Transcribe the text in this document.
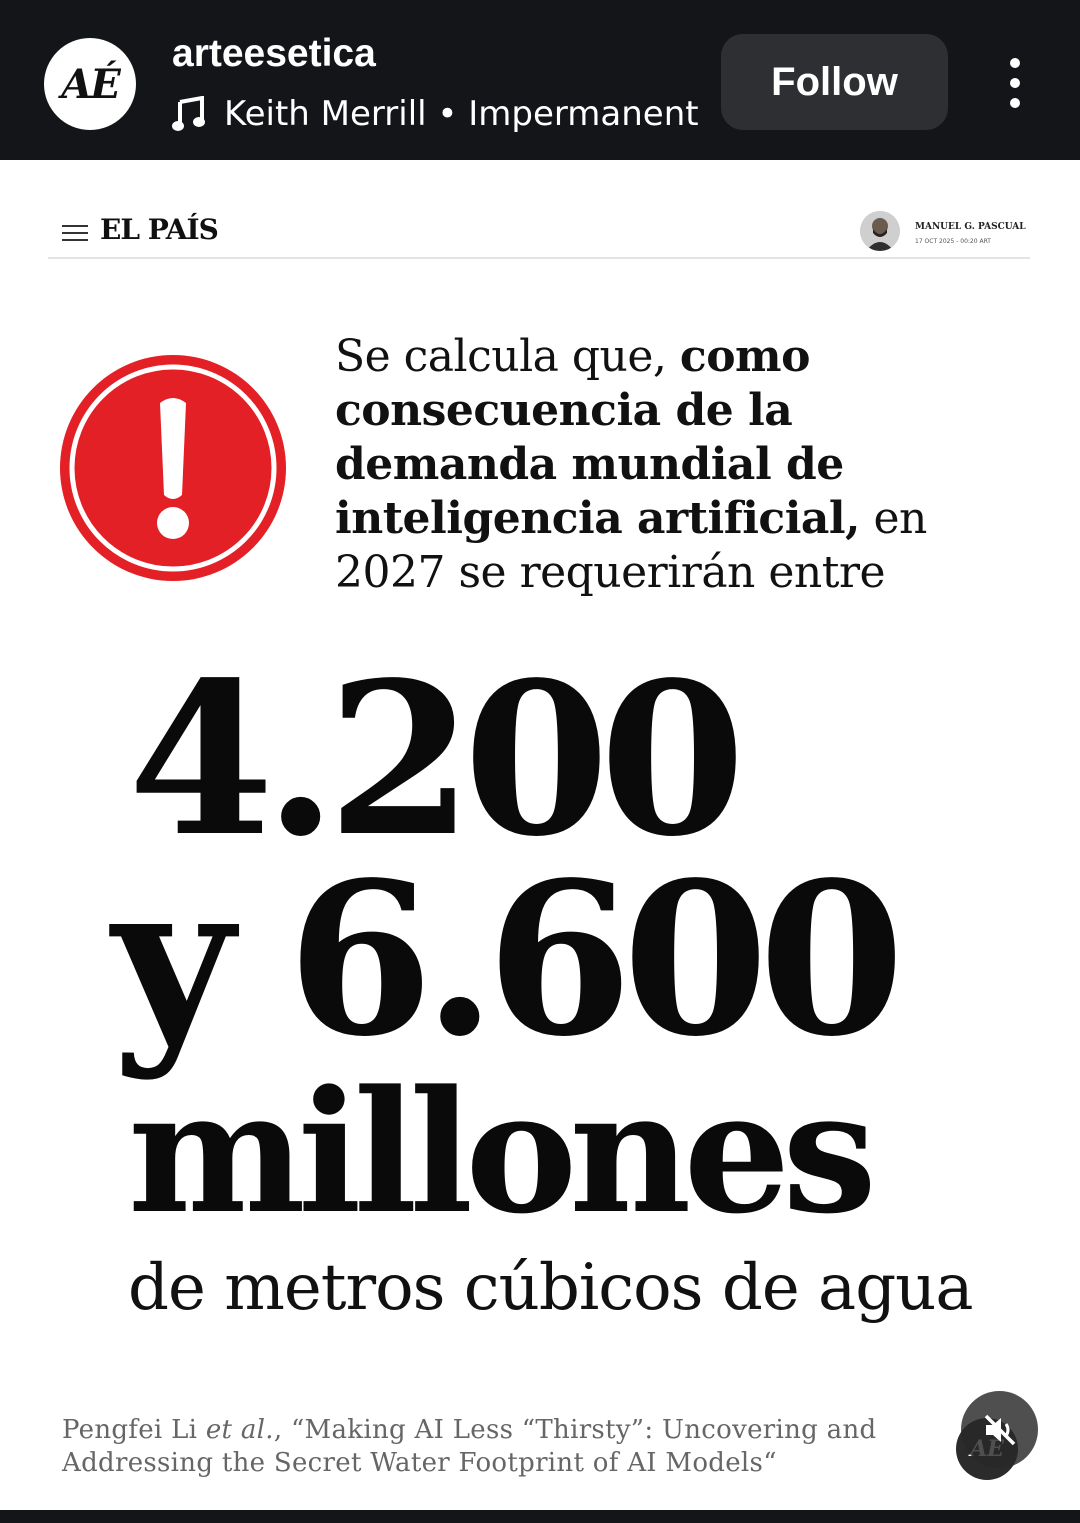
AÉ
arteesetica
Keith Merrill • Impermanent
Follow
EL PAÍS	MANUEL G. PASCUAL
17 OCT 2025 - 00:20 ART
Se calcula que, como consecuencia de la demanda mundial de inteligencia artificial, en 2027 se requerirán entre
4.200
y 6.600
millones
de metros cúbicos de agua
Pengfei Li et al., “Making AI Less “Thirsty”: Uncovering and Addressing the Secret Water Footprint of AI Models“
